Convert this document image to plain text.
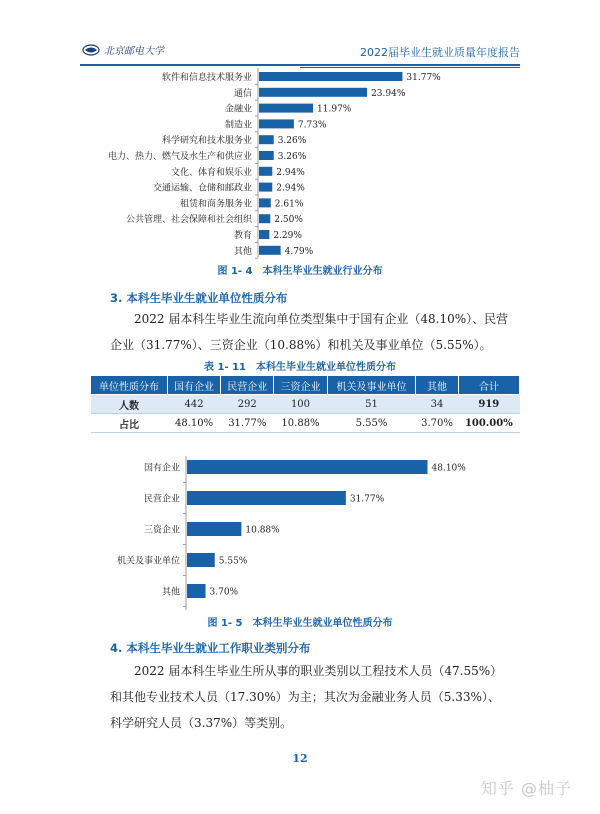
北京邮电大学	2022届毕业生就业质量年度报告
软件和信息技术服务业	31.77%
通信	23.94%
金融业	11.97%
制造业	7.73%
科学研究和技术服务业	3.26%
电力、热力、燃气及水生产和供应业	3.26%
文化、体育和娱乐业	2.94%
交通运输、仓储和邮政业	2.94%
租赁和商务服务业	2.61%
公共管理、社会保障和社会组织 2.50%
教育 2.29%
其他	4.79%
图 1- 4　本科生毕业生就业行业分布
3. 本科生毕业生就业单位性质分布
2022 届本科生毕业生流向单位类型集中于国有企业（48.10%）、民营企业（31.77%）、三资企业（10.88%）和机关及事业单位（5.55%）。
表 1- 11　本科生毕业生就业单位性质分布
单位性质分布	国有企业	民营企业	三资企业	机关及事业单位	其他	合计
人数	442	292	100	51	34	919
占比	48.10%	31.77%	10.88%	5.55%	3.70%	100.00%
国有企业	48.10%
民营企业	31.77%
三资企业	10.88%
机关及事业单位	5.55%
其他	3.70%
图 1- 5　本科生毕业生就业单位性质分布
4. 本科生毕业生就业工作职业类别分布
2022 届本科生毕业生所从事的职业类别以工程技术人员（47.55%）和其他专业技术人员（17.30%）为主；其次为金融业务人员（5.33%）、科学研究人员（3.37%）等类别。
12
知乎 @柚子
